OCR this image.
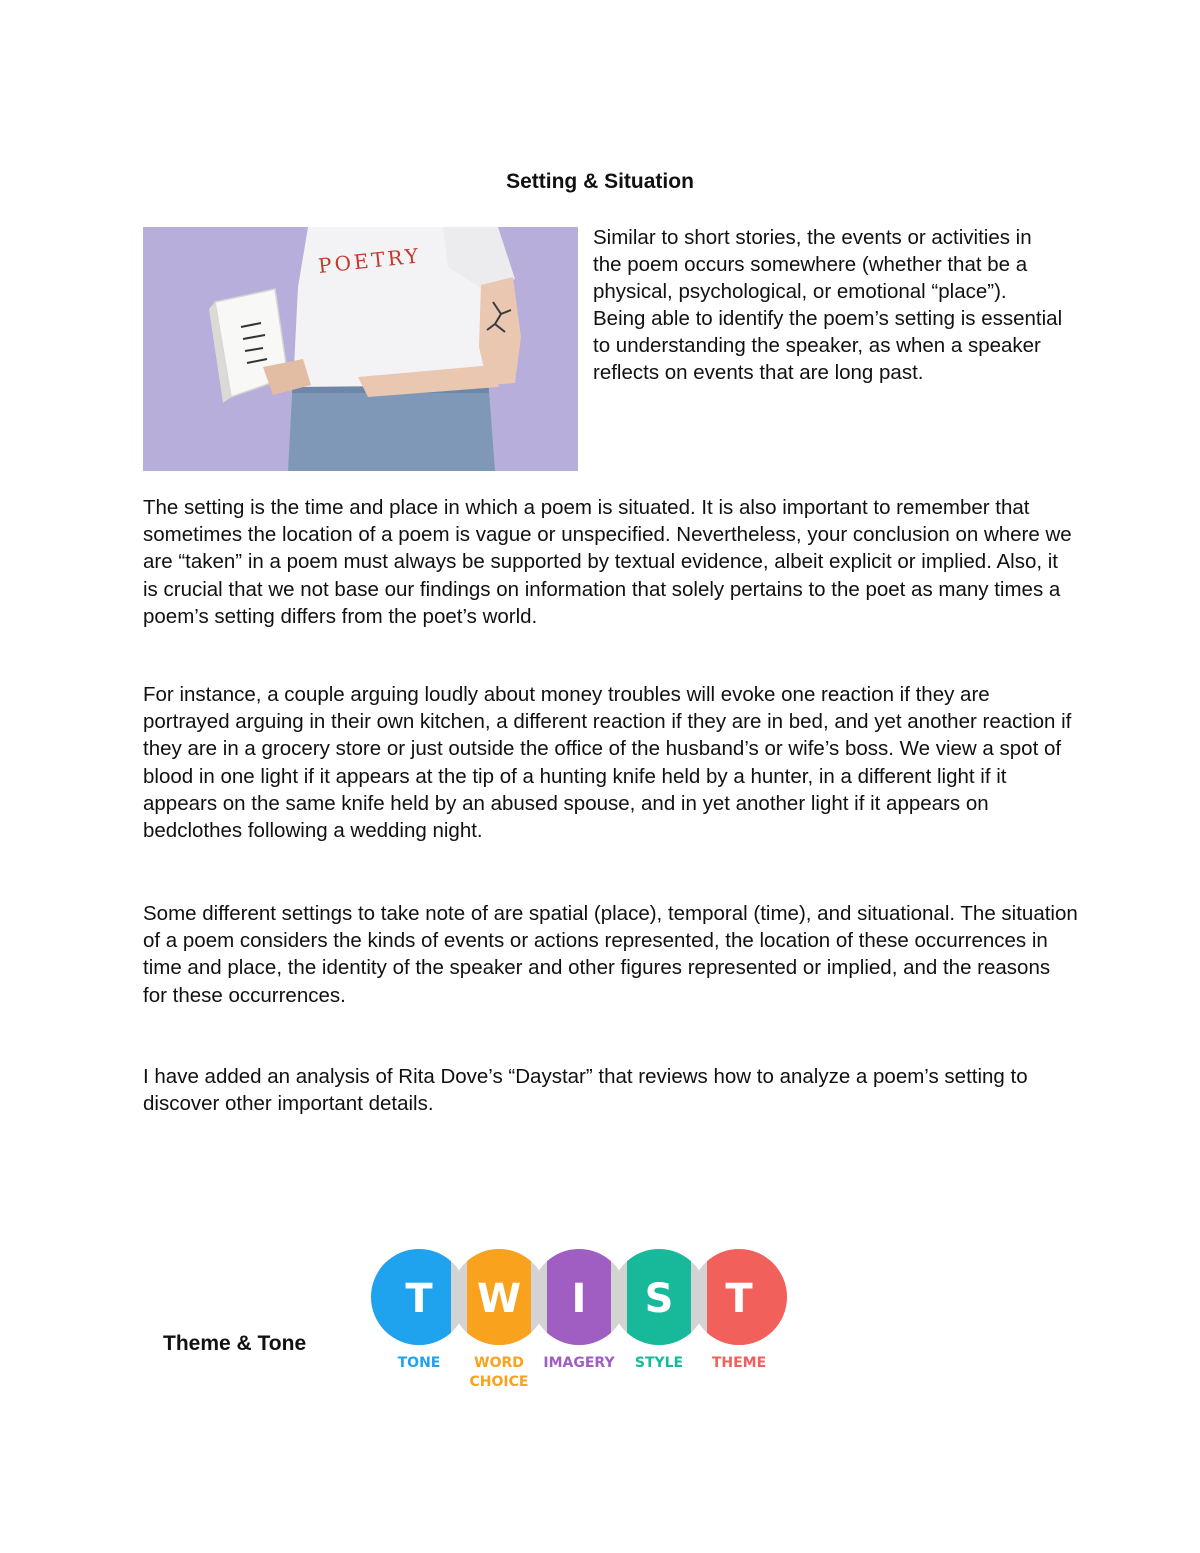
Setting & Situation
POETRY

Similar to short stories, the events or activities in the poem occurs somewhere (whether that be a physical, psychological, or emotional “place”). Being able to identify the poem’s setting is essential to understanding the speaker, as when a speaker reflects on events that are long past.

The setting is the time and place in which a poem is situated. It is also important to remember that sometimes the location of a poem is vague or unspecified. Nevertheless, your conclusion on where we are “taken” in a poem must always be supported by textual evidence, albeit explicit or implied. Also, it is crucial that we not base our findings on information that solely pertains to the poet as many times a poem’s setting differs from the poet’s world.

For instance, a couple arguing loudly about money troubles will evoke one reaction if they are portrayed arguing in their own kitchen, a different reaction if they are in bed, and yet another reaction if they are in a grocery store or just outside the office of the husband’s or wife’s boss. We view a spot of blood in one light if it appears at the tip of a hunting knife held by a hunter, in a different light if it appears on the same knife held by an abused spouse, and in yet another light if it appears on bedclothes following a wedding night.

Some different settings to take note of are spatial (place), temporal (time), and situational. The situation of a poem considers the kinds of events or actions represented, the location of these occurrences in time and place, the identity of the speaker and other figures represented or implied, and the reasons for these occurrences.

I have added an analysis of Rita Dove’s “Daystar” that reviews how to analyze a poem’s setting to discover other important details.

Theme & Tone

T
TONE
W
WORD
CHOICE
I
IMAGERY
S
STYLE
T
THEME
